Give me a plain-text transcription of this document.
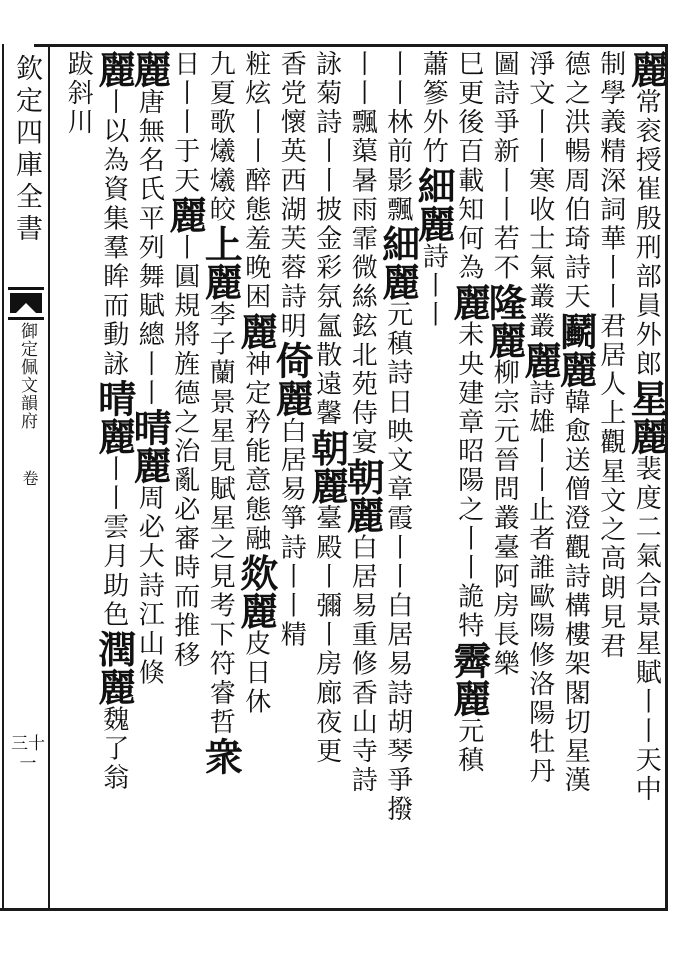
欽定四庫全書
御定佩文韻府
卷
三十一
麗常衮授崔殷刑部員外郎星麗裴度二氣合景星賦丨丨天中
制學義精深詞華丨丨君居人上觀星文之高朗見君
德之洪暢周伯琦詩天鬬麗韓愈送僧澄觀詩構樓架閣切星漢
淨文丨丨寒收士氣叢叢麗詩雄丨丨止者誰歐陽修洛陽牡丹
圖詩爭新丨丨若不隆麗柳宗元晉問叢臺阿房長樂
巳更後百載知何為麗未央建章昭陽之丨丨詭特霽麗元稹
蕭篸外竹細麗詩丨丨
丨丨林前影飄細麗元稹詩日映文章霞丨丨白居易詩胡琴爭撥
丨丨飄蕖暑雨霏微絲鉉北苑侍宴朝麗白居易重修香山寺詩
詠菊詩丨丨披金彩氛氳散遠馨朝麗臺殿丨彌丨房廊夜更
香党懷英西湖芙蓉詩明倚麗白居易箏詩丨丨精
粧炫丨丨醉態羞晚困麗神定矜能意態融欻麗皮日休
九夏歌爔爔皎上麗李子蘭景星見賦星之見考下符睿哲衆
日丨丨于天麗丨圓規將旌德之治亂必審時而推移
麗唐無名氏平列舞賦總丨丨晴麗周必大詩江山倏
麗丨以為資集羣眸而動詠晴麗丨丨雲月助色潤麗魏了翁
跋斜川
